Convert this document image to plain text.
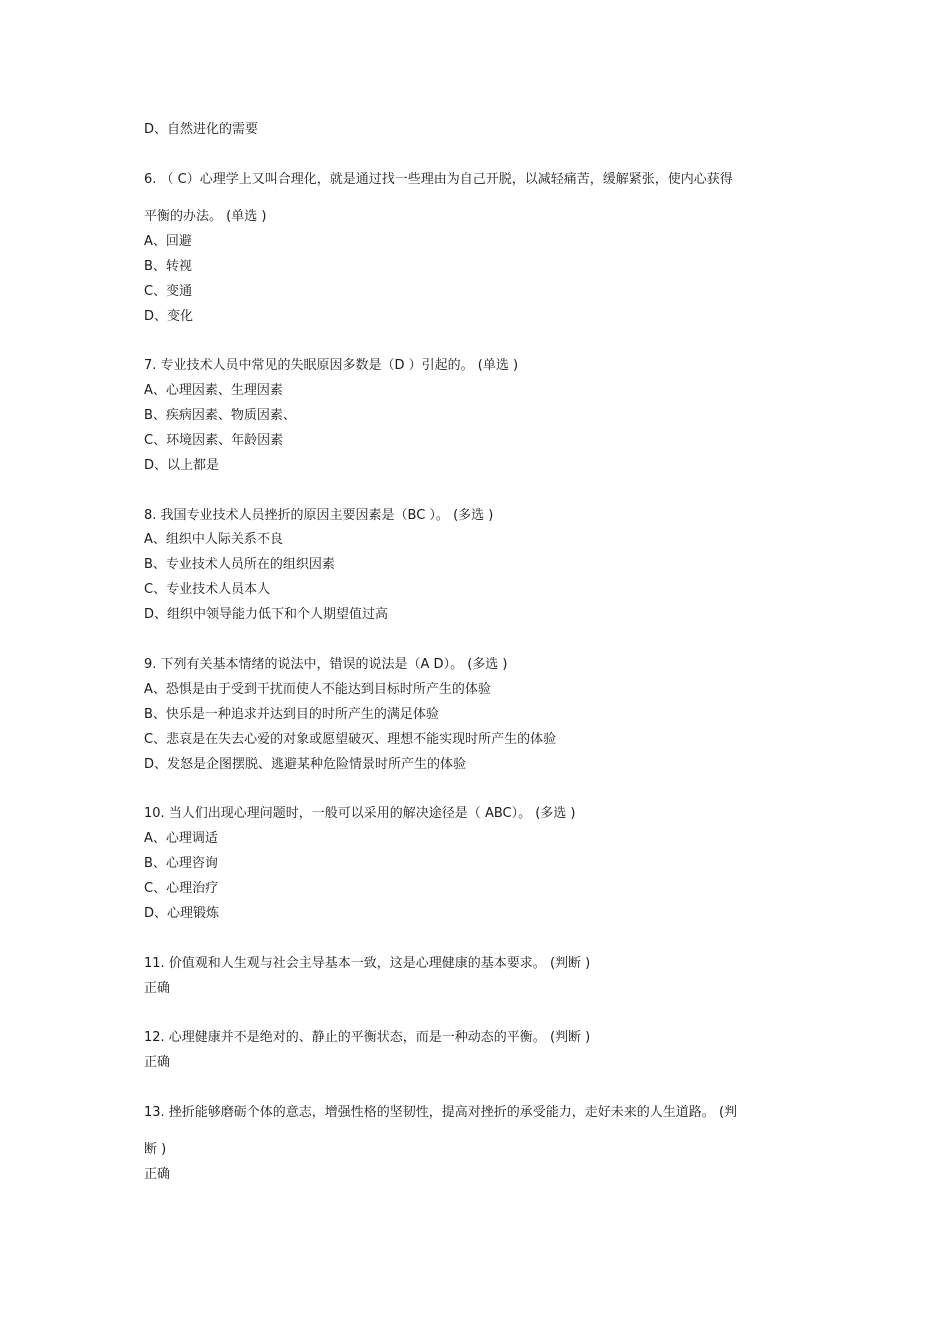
D、自然进化的需要
6. （ C）心理学上又叫合理化，就是通过找一些理由为自己开脱，以减轻痛苦，缓解紧张，使内心获得
平衡的办法。 (单选 )
A、回避
B、转视
C、变通
D、变化
7. 专业技术人员中常见的失眠原因多数是（D ）引起的。 (单选 )
A、心理因素、生理因素
B、疾病因素、物质因素、
C、环境因素、年龄因素
D、以上都是
8. 我国专业技术人员挫折的原因主要因素是（BC ）。 (多选 )
A、组织中人际关系不良
B、专业技术人员所在的组织因素
C、专业技术人员本人
D、组织中领导能力低下和个人期望值过高
9. 下列有关基本情绪的说法中，错误的说法是（A D）。 (多选 )
A、恐惧是由于受到干扰而使人不能达到目标时所产生的体验
B、快乐是一种追求并达到目的时所产生的满足体验
C、悲哀是在失去心爱的对象或愿望破灭、理想不能实现时所产生的体验
D、发怒是企图摆脱、逃避某种危险情景时所产生的体验
10. 当人们出现心理问题时，一般可以采用的解决途径是（ ABC）。 (多选 )
A、心理调适
B、心理咨询
C、心理治疗
D、心理锻炼
11. 价值观和人生观与社会主导基本一致，这是心理健康的基本要求。 (判断 )
正确
12. 心理健康并不是绝对的、静止的平衡状态，而是一种动态的平衡。 (判断 )
正确
13. 挫折能够磨砺个体的意志，增强性格的坚韧性，提高对挫折的承受能力，走好未来的人生道路。 (判
断 )
正确
